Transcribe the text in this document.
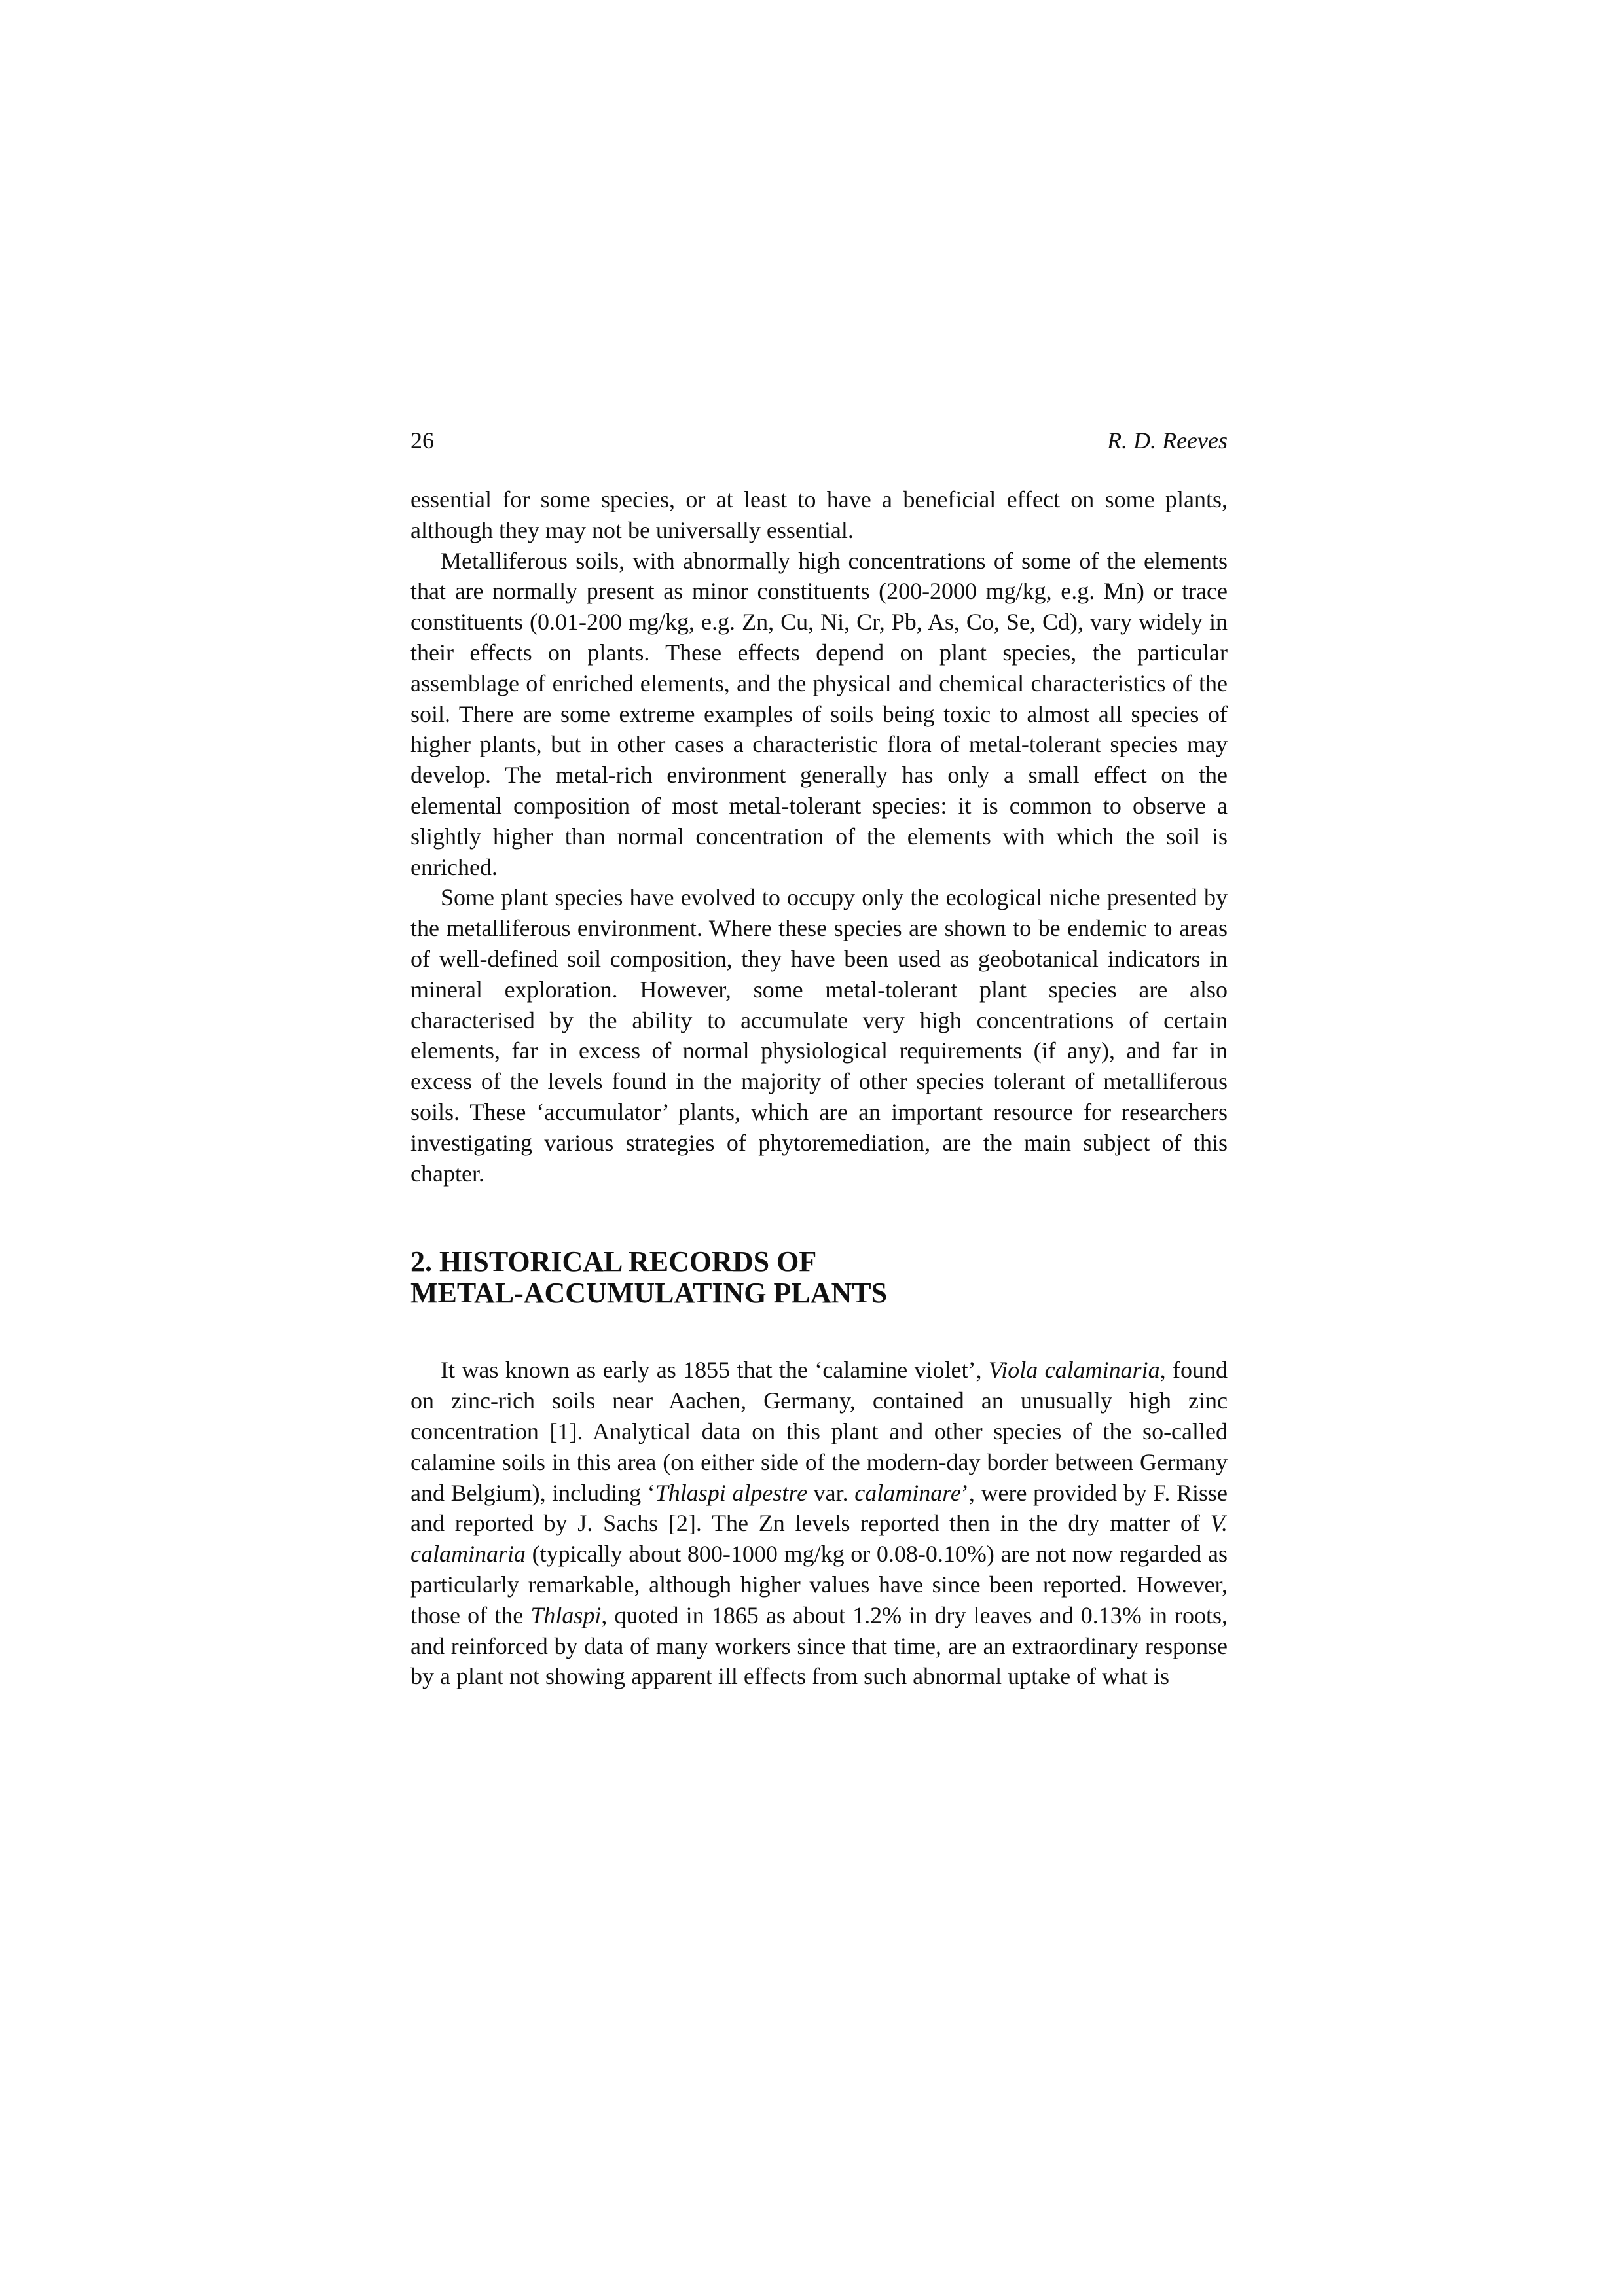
26	R. D. Reeves

essential for some species, or at least to have a beneficial effect on some plants, although they may not be universally essential.

Metalliferous soils, with abnormally high concentrations of some of the elements that are normally present as minor constituents (200-2000 mg/kg, e.g. Mn) or trace constituents (0.01-200 mg/kg, e.g. Zn, Cu, Ni, Cr, Pb, As, Co, Se, Cd), vary widely in their effects on plants. These effects depend on plant species, the particular assemblage of enriched elements, and the physical and chemical characteristics of the soil. There are some extreme examples of soils being toxic to almost all species of higher plants, but in other cases a characteristic flora of metal-tolerant species may develop. The metal-rich environment generally has only a small effect on the elemental composition of most metal-tolerant species: it is common to observe a slightly higher than normal concentration of the elements with which the soil is enriched.

Some plant species have evolved to occupy only the ecological niche presented by the metalliferous environment. Where these species are shown to be endemic to areas of well-defined soil composition, they have been used as geobotanical indicators in mineral exploration. However, some metal-tolerant plant species are also characterised by the ability to accumulate very high concentrations of certain elements, far in excess of normal physiological requirements (if any), and far in excess of the levels found in the majority of other species tolerant of metalliferous soils. These ‘accumulator’ plants, which are an important resource for researchers investigating various strategies of phytoremediation, are the main subject of this chapter.

2. HISTORICAL RECORDS OF
METAL-ACCUMULATING PLANTS

It was known as early as 1855 that the ‘calamine violet’, Viola calaminaria, found on zinc-rich soils near Aachen, Germany, contained an unusually high zinc concentration [1]. Analytical data on this plant and other species of the so-called calamine soils in this area (on either side of the modern-day border between Germany and Belgium), including ‘Thlaspi alpestre var. calaminare’, were provided by F. Risse and reported by J. Sachs [2]. The Zn levels reported then in the dry matter of V. calaminaria (typically about 800-1000 mg/kg or 0.08-0.10%) are not now regarded as particularly remarkable, although higher values have since been reported. However, those of the Thlaspi, quoted in 1865 as about 1.2% in dry leaves and 0.13% in roots, and reinforced by data of many workers since that time, are an extraordinary response by a plant not showing apparent ill effects from such abnormal uptake of what is
